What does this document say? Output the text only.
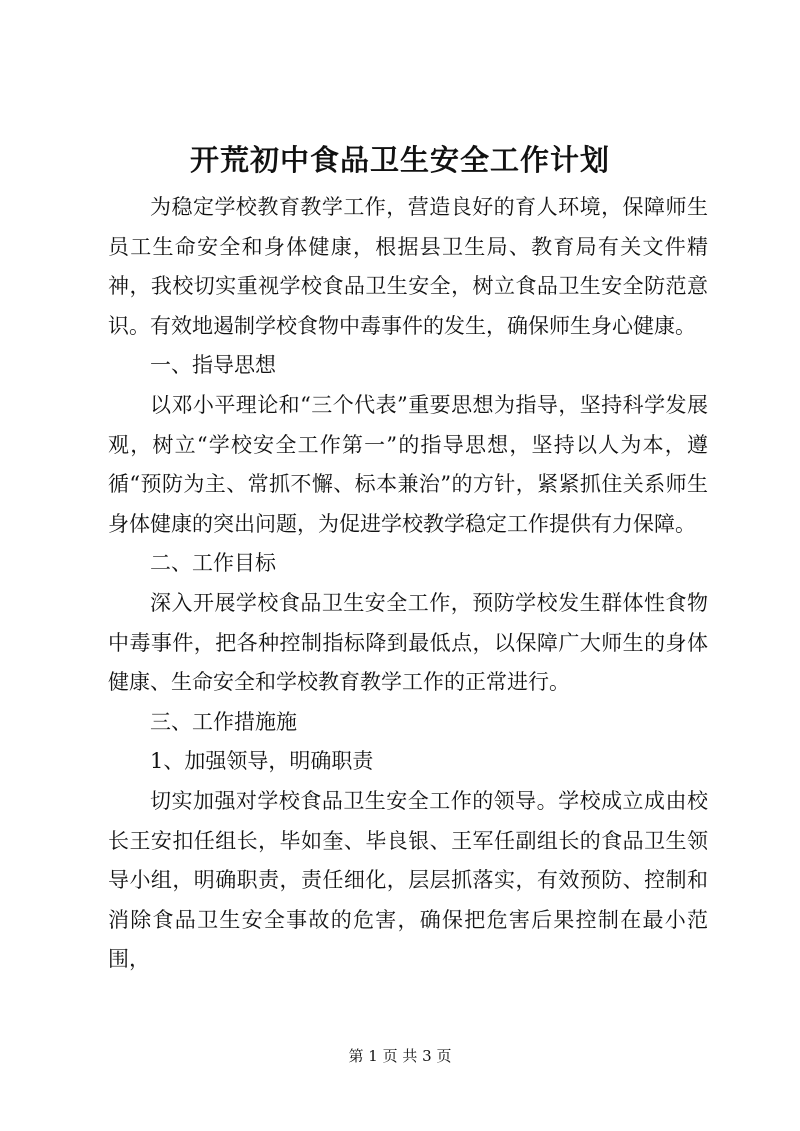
开荒初中食品卫生安全工作计划

为稳定学校教育教学工作，营造良好的育人环境，保障师生员工生命安全和身体健康，根据县卫生局、教育局有关文件精神，我校切实重视学校食品卫生安全，树立食品卫生安全防范意识。有效地遏制学校食物中毒事件的发生，确保师生身心健康。

一、指导思想

以邓小平理论和“三个代表”重要思想为指导，坚持科学发展观，树立“学校安全工作第一”的指导思想，坚持以人为本，遵循“预防为主、常抓不懈、标本兼治”的方针，紧紧抓住关系师生身体健康的突出问题，为促进学校教学稳定工作提供有力保障。

二、工作目标

深入开展学校食品卫生安全工作，预防学校发生群体性食物中毒事件，把各种控制指标降到最低点，以保障广大师生的身体健康、生命安全和学校教育教学工作的正常进行。

三、工作措施施

1、加强领导，明确职责

切实加强对学校食品卫生安全工作的领导。学校成立成由校长王安扣任组长，毕如奎、毕良银、王军任副组长的食品卫生领导小组，明确职责，责任细化，层层抓落实，有效预防、控制和消除食品卫生安全事故的危害，确保把危害后果控制在最小范围，

第 1 页 共 3 页
